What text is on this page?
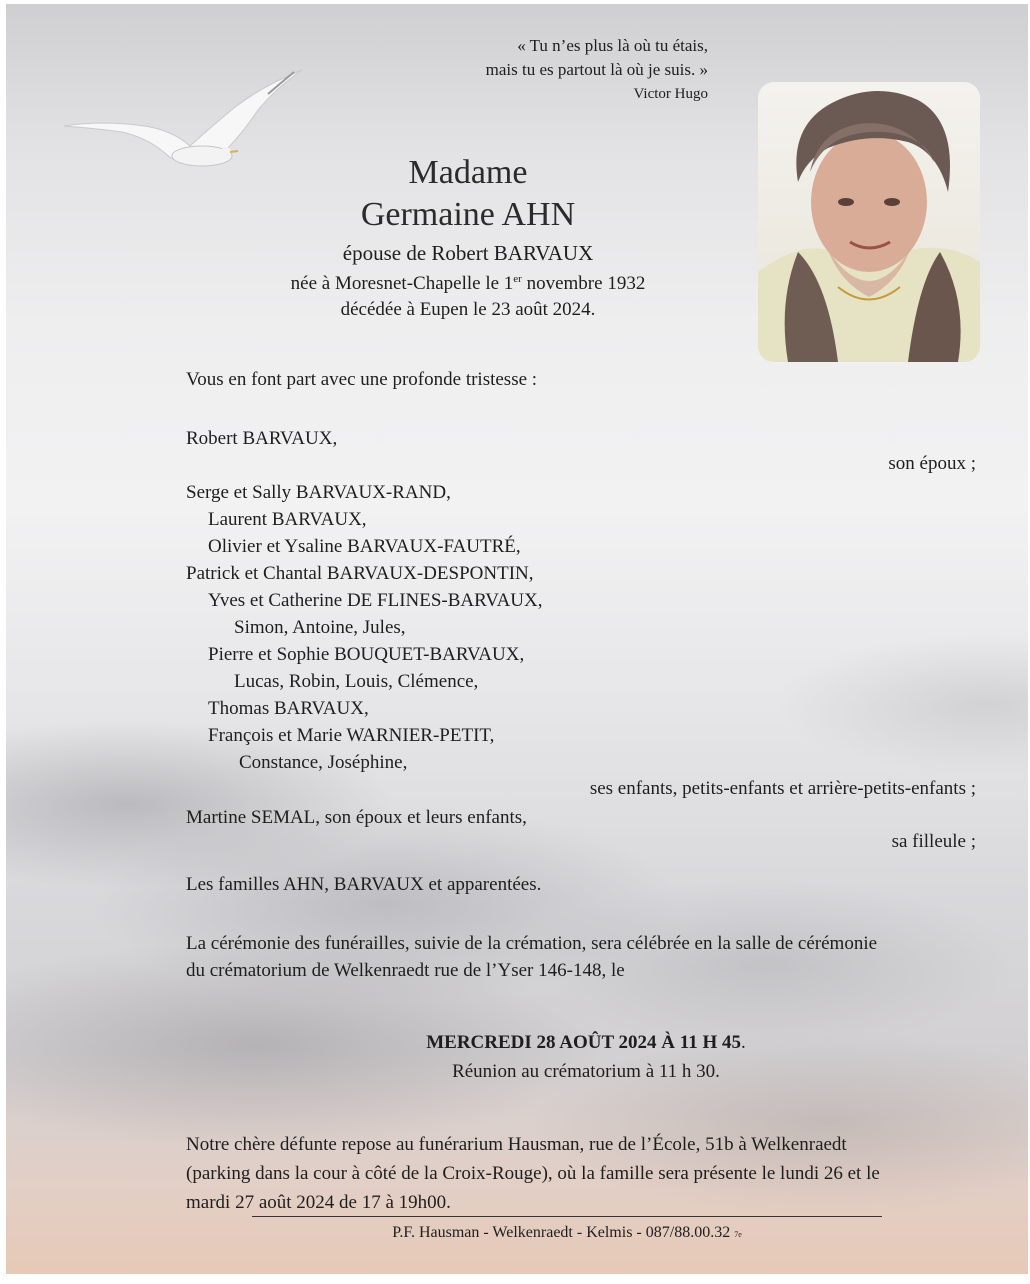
« Tu n’es plus là où tu étais,
mais tu es partout là où je suis. »
Victor Hugo
Madame
Germaine AHN
épouse de Robert BARVAUX
née à Moresnet-Chapelle le 1er novembre 1932
décédée à Eupen le 23 août 2024.
Vous en font part avec une profonde tristesse :
Robert BARVAUX,
son époux ;
Serge et Sally BARVAUX-RAND,
Laurent BARVAUX,
Olivier et Ysaline BARVAUX-FAUTRÉ,
Patrick et Chantal BARVAUX-DESPONTIN,
Yves et Catherine DE FLINES-BARVAUX,
Simon, Antoine, Jules,
Pierre et Sophie BOUQUET-BARVAUX,
Lucas, Robin, Louis, Clémence,
Thomas BARVAUX,
François et Marie WARNIER-PETIT,
Constance, Joséphine,
ses enfants, petits-enfants et arrière-petits-enfants ;
Martine SEMAL, son époux et leurs enfants,
sa filleule ;
Les familles AHN, BARVAUX et apparentées.
La cérémonie des funérailles, suivie de la crémation, sera célébrée en la salle de cérémonie
du crématorium de Welkenraedt rue de l’Yser 146-148, le
MERCREDI 28 AOÛT 2024 À 11 H 45.
Réunion au crématorium à 11 h 30.
Notre chère défunte repose au funérarium Hausman, rue de l’École, 51b à Welkenraedt
(parking dans la cour à côté de la Croix-Rouge), où la famille sera présente le lundi 26 et le
mardi 27 août 2024 de 17 à 19h00.
P.F. Hausman - Welkenraedt - Kelmis - 087/88.00.32 7e
